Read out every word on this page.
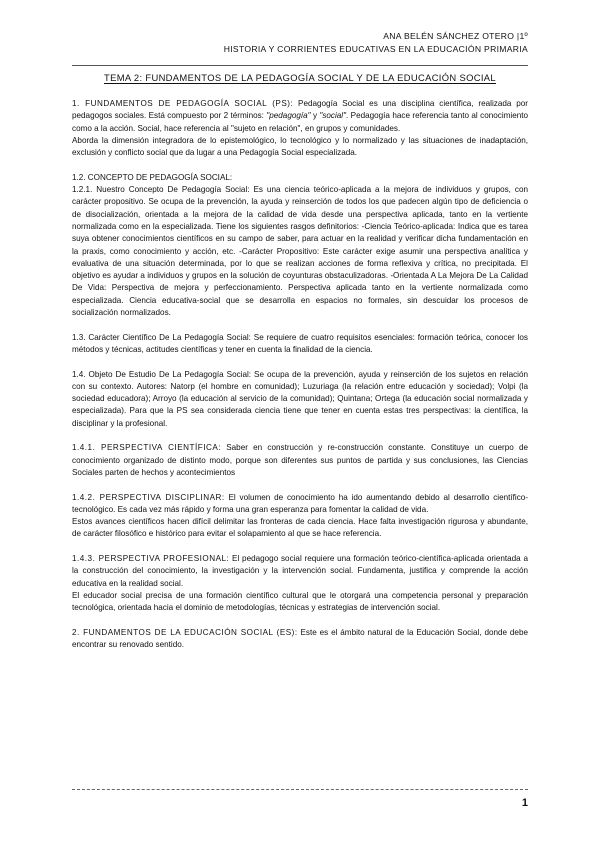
ANA BELÉN SÁNCHEZ OTERO |1º
HISTORIA Y CORRIENTES EDUCATIVAS EN LA EDUCACIÓN PRIMARIA
TEMA 2: FUNDAMENTOS DE LA PEDAGOGÍA SOCIAL Y DE LA EDUCACIÓN SOCIAL

1. FUNDAMENTOS DE PEDAGOGÍA SOCIAL (PS): Pedagogía Social es una disciplina científica, realizada por pedagogos sociales. Está compuesto por 2 términos: "pedagogía" y "social". Pedagogía hace referencia tanto al conocimiento como a la acción. Social, hace referencia al "sujeto en relación", en grupos y comunidades.

Aborda la dimensión integradora de lo epistemológico, lo tecnológico y lo normalizado y las situaciones de inadaptación, exclusión y conflicto social que da lugar a una Pedagogía Social especializada.

1.2. CONCEPTO DE PEDAGOGÍA SOCIAL:

1.2.1. Nuestro Concepto De Pedagogía Social: Es una ciencia teórico-aplicada a la mejora de individuos y grupos, con carácter propositivo. Se ocupa de la prevención, la ayuda y reinserción de todos los que padecen algún tipo de deficiencia o de disocialización, orientada a la mejora de la calidad de vida desde una perspectiva aplicada, tanto en la vertiente normalizada como en la especializada. Tiene los siguientes rasgos definitorios: -Ciencia Teórico-aplicada: Indica que es tarea suya obtener conocimientos científicos en su campo de saber, para actuar en la realidad y verificar dicha fundamentación en la praxis, como conocimiento y acción, etc. -Carácter Propositivo: Este carácter exige asumir una perspectiva analítica y evaluativa de una situación determinada, por lo que se realizan acciones de forma reflexiva y crítica, no precipitada. El objetivo es ayudar a individuos y grupos en la solución de coyunturas obstaculizadoras. -Orientada A La Mejora De La Calidad De Vida: Perspectiva de mejora y perfeccionamiento. Perspectiva aplicada tanto en la vertiente normalizada como especializada. Ciencia educativa-social que se desarrolla en espacios no formales, sin descuidar los procesos de socialización normalizados.

1.3. Carácter Científico De La Pedagogía Social: Se requiere de cuatro requisitos esenciales: formación teórica, conocer los métodos y técnicas, actitudes científicas y tener en cuenta la finalidad de la ciencia.

1.4. Objeto De Estudio De La Pedagogía Social: Se ocupa de la prevención, ayuda y reinserción de los sujetos en relación con su contexto. Autores: Natorp (el hombre en comunidad); Luzuriaga (la relación entre educación y sociedad); Volpi (la sociedad educadora); Arroyo (la educación al servicio de la comunidad); Quintana; Ortega (la educación social normalizada y especializada). Para que la PS sea considerada ciencia tiene que tener en cuenta estas tres perspectivas: la científica, la disciplinar y la profesional.

1.4.1. PERSPECTIVA CIENTÍFICA: Saber en construcción y re-construcción constante. Constituye un cuerpo de conocimiento organizado de distinto modo, porque son diferentes sus puntos de partida y sus conclusiones, las Ciencias Sociales parten de hechos y acontecimientos

1.4.2. PERSPECTIVA DISCIPLINAR: El volumen de conocimiento ha ido aumentando debido al desarrollo científico-tecnológico. Es cada vez más rápido y forma una gran esperanza para fomentar la calidad de vida.

Estos avances científicos hacen difícil delimitar las fronteras de cada ciencia. Hace falta investigación rigurosa y abundante, de carácter filosófico e histórico para evitar el solapamiento al que se hace referencia.

1.4.3. PERSPECTIVA PROFESIONAL: El pedagogo social requiere una formación teórico-científica-aplicada orientada a la construcción del conocimiento, la investigación y la intervención social. Fundamenta, justifica y comprende la acción educativa en la realidad social.

El educador social precisa de una formación científico cultural que le otorgará una competencia personal y preparación tecnológica, orientada hacia el dominio de metodologías, técnicas y estrategias de intervención social.

2. FUNDAMENTOS DE LA EDUCACIÓN SOCIAL (ES): Este es el ámbito natural de la Educación Social, donde debe encontrar su renovado sentido.

1
